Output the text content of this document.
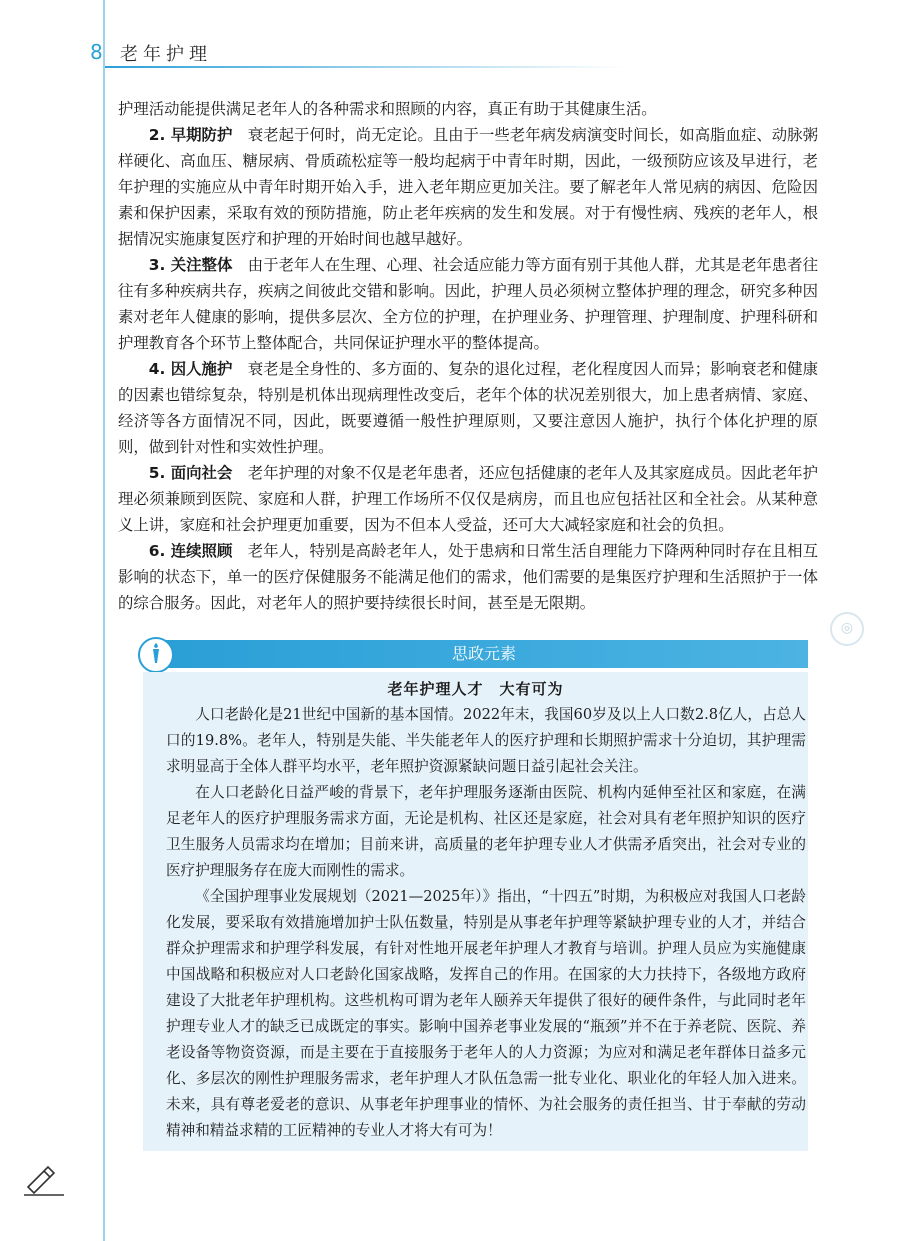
8 老年护理

护理活动能提供满足老年人的各种需求和照顾的内容，真正有助于其健康生活。

2. 早期防护　 衰老起于何时，尚无定论。且由于一些老年病发病演变时间长，如高脂血症、动脉粥样硬化、高血压、糖尿病、骨质疏松症等一般均起病于中青年时期，因此，一级预防应该及早进行，老年护理的实施应从中青年时期开始入手，进入老年期应更加关注。要了解老年人常见病的病因、危险因素和保护因素，采取有效的预防措施，防止老年疾病的发生和发展。对于有慢性病、残疾的老年人，根据情况实施康复医疗和护理的开始时间也越早越好。

3. 关注整体　 由于老年人在生理、心理、社会适应能力等方面有别于其他人群，尤其是老年患者往往有多种疾病共存，疾病之间彼此交错和影响。因此，护理人员必须树立整体护理的理念，研究多种因素对老年人健康的影响，提供多层次、全方位的护理，在护理业务、护理管理、护理制度、护理科研和护理教育各个环节上整体配合，共同保证护理水平的整体提高。

4. 因人施护　 衰老是全身性的、多方面的、复杂的退化过程，老化程度因人而异；影响衰老和健康的因素也错综复杂，特别是机体出现病理性改变后，老年个体的状况差别很大，加上患者病情、家庭、经济等各方面情况不同，因此，既要遵循一般性护理原则，又要注意因人施护，执行个体化护理的原则，做到针对性和实效性护理。

5. 面向社会　 老年护理的对象不仅是老年患者，还应包括健康的老年人及其家庭成员。因此老年护理必须兼顾到医院、家庭和人群，护理工作场所不仅仅是病房，而且也应包括社区和全社会。从某种意义上讲，家庭和社会护理更加重要，因为不但本人受益，还可大大减轻家庭和社会的负担。

6. 连续照顾　 老年人，特别是高龄老年人，处于患病和日常生活自理能力下降两种同时存在且相互影响的状态下，单一的医疗保健服务不能满足他们的需求，他们需要的是集医疗护理和生活照护于一体的综合服务。因此，对老年人的照护要持续很长时间，甚至是无限期。

◎
思政元素
老年护理人才　大有可为

人口老龄化是21世纪中国新的基本国情。2022年末，我国60岁及以上人口数2.8亿人，占总人口的19.8%。老年人，特别是失能、半失能老年人的医疗护理和长期照护需求十分迫切，其护理需求明显高于全体人群平均水平，老年照护资源紧缺问题日益引起社会关注。

在人口老龄化日益严峻的背景下，老年护理服务逐渐由医院、机构内延伸至社区和家庭，在满足老年人的医疗护理服务需求方面，无论是机构、社区还是家庭，社会对具有老年照护知识的医疗卫生服务人员需求均在增加；目前来讲，高质量的老年护理专业人才供需矛盾突出，社会对专业的医疗护理服务存在庞大而刚性的需求。

《全国护理事业发展规划（2021—2025年）》指出，“十四五”时期，为积极应对我国人口老龄化发展，要采取有效措施增加护士队伍数量，特别是从事老年护理等紧缺护理专业的人才，并结合群众护理需求和护理学科发展，有针对性地开展老年护理人才教育与培训。护理人员应为实施健康中国战略和积极应对人口老龄化国家战略，发挥自己的作用。在国家的大力扶持下，各级地方政府建设了大批老年护理机构。这些机构可谓为老年人颐养天年提供了很好的硬件条件，与此同时老年护理专业人才的缺乏已成既定的事实。影响中国养老事业发展的“瓶颈”并不在于养老院、医院、养老设备等物资资源，而是主要在于直接服务于老年人的人力资源；为应对和满足老年群体日益多元化、多层次的刚性护理服务需求，老年护理人才队伍急需一批专业化、职业化的年轻人加入进来。未来，具有尊老爱老的意识、从事老年护理事业的情怀、为社会服务的责任担当、甘于奉献的劳动精神和精益求精的工匠精神的专业人才将大有可为！
